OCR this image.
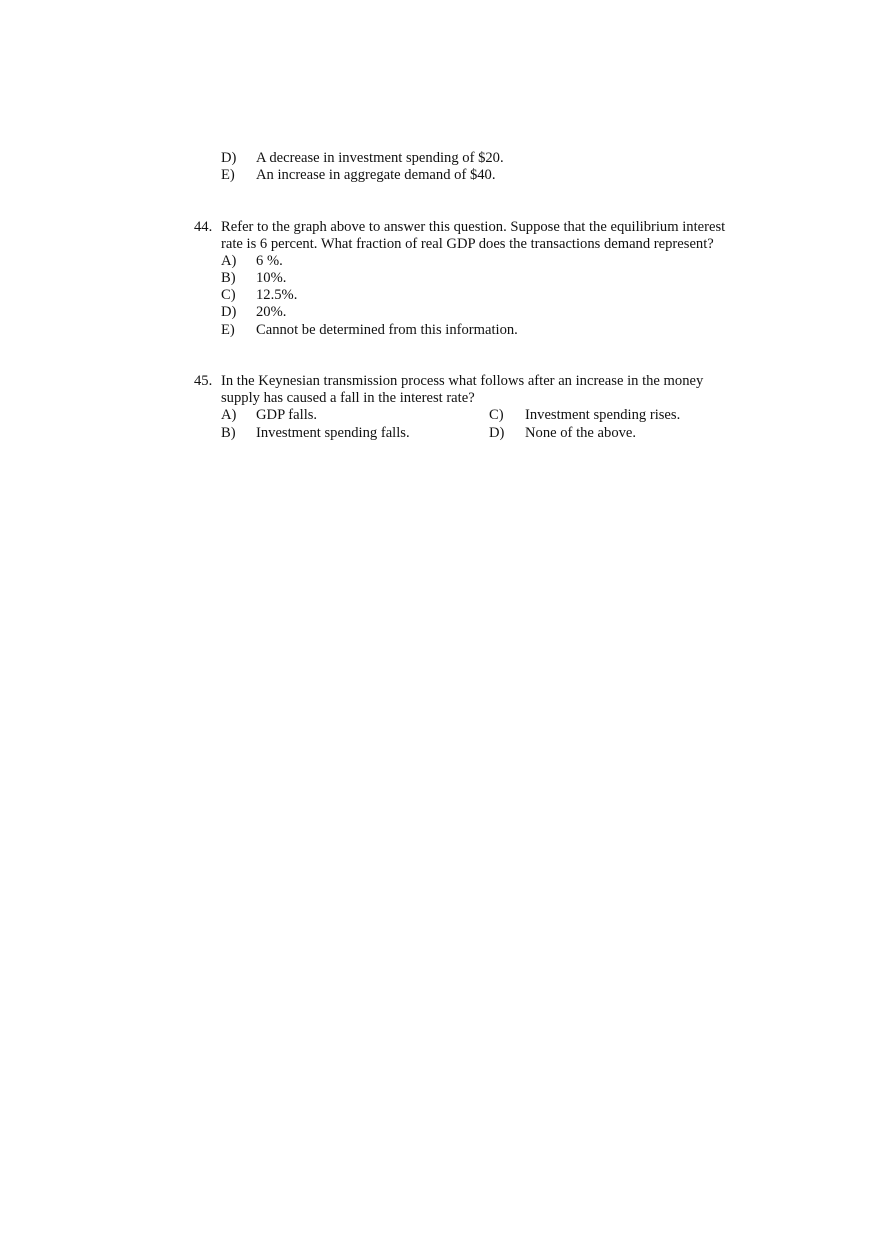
D) A decrease in investment spending of $20.
E) An increase in aggregate demand of $40.
44. Refer to the graph above to answer this question. Suppose that the equilibrium interest
rate is 6 percent. What fraction of real GDP does the transactions demand represent?
A) 6 %.
B) 10%.
C) 12.5%.
D) 20%.
E) Cannot be determined from this information.
45. In the Keynesian transmission process what follows after an increase in the money
supply has caused a fall in the interest rate?
A) GDP falls.
B) Investment spending falls.
C) Investment spending rises.
D) None of the above.
